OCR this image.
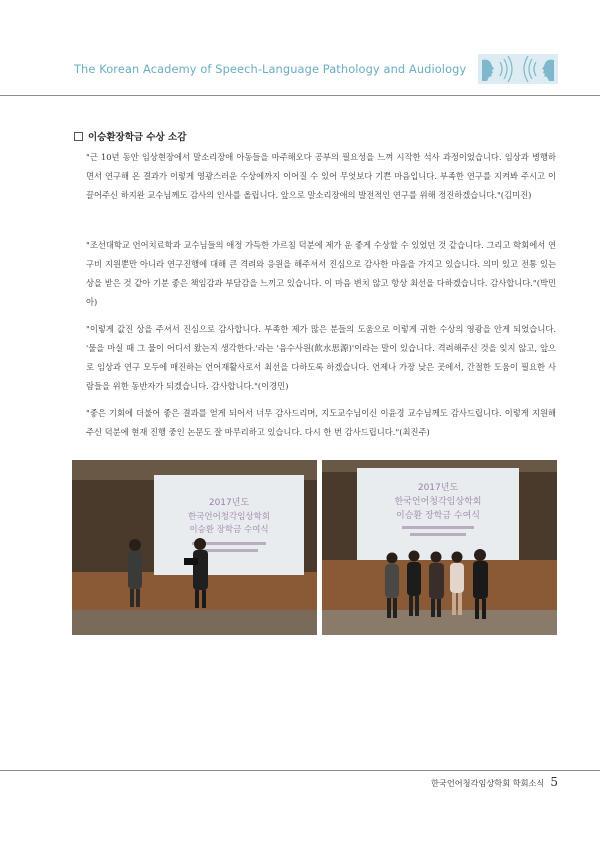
The Korean Academy of Speech-Language Pathology and Audiology
이승환장학금 수상 소감

"근 10년 동안 임상현장에서 말소리장애 아동들을 마주해오다 공부의 필요성을 느껴 시작한 석사 과정이었습니다. 임상과 병행하면서 연구해 온 결과가 이렇게 영광스러운 수상에까지 이어질 수 있어 무엇보다 기쁜 마음입니다. 부족한 연구를 지켜봐 주시고 이끌어주신 하지완 교수님께도 감사의 인사를 올립니다. 앞으로 말소리장애의 발전적인 연구를 위해 정진하겠습니다."(김미진)

"조선대학교 언어치료학과 교수님들의 애정 가득한 가르침 덕분에 제가 운 좋게 수상할 수 있었던 것 같습니다. 그리고 학회에서 연구비 지원뿐만 아니라 연구진행에 대해 큰 격려와 응원을 해주셔서 진심으로 감사한 마음을 가지고 있습니다. 의미 있고 전통 있는 상을 받은 것 같아 기분 좋은 책임감과 부담감을 느끼고 있습니다. 이 마음 변치 않고 항상 최선을 다하겠습니다. 감사합니다."(박민아)

"이렇게 값진 상을 주셔서 진심으로 감사합니다. 부족한 제가 많은 분들의 도움으로 이렇게 귀한 수상의 영광을 안게 되었습니다. '물을 마실 때 그 물이 어디서 왔는지 생각한다.'라는 '음수사원(飮水思源)'이라는 말이 있습니다. 격려해주신 것을 잊지 않고, 앞으로 임상과 연구 모두에 매진하는 언어재활사로서 최선을 다하도록 하겠습니다. 언제나 가장 낮은 곳에서, 간절한 도움이 필요한 사람들을 위한 동반자가 되겠습니다. 감사합니다."(이경민)

"좋은 기회에 더불어 좋은 결과를 얻게 되어서 너무 감사드리며, 지도교수님이신 이윤경 교수님께도 감사드립니다. 이렇게 지원해주신 덕분에 현재 진행 중인 논문도 잘 마무리하고 있습니다. 다시 한 번 감사드립니다."(최진주)

2017년도
한국언어청각임상학회
이승환 장학금 수여식
2017년도
한국언어청각임상학회
이승환 장학금 수여식
한국언어청각임상학회 학회소식 5
